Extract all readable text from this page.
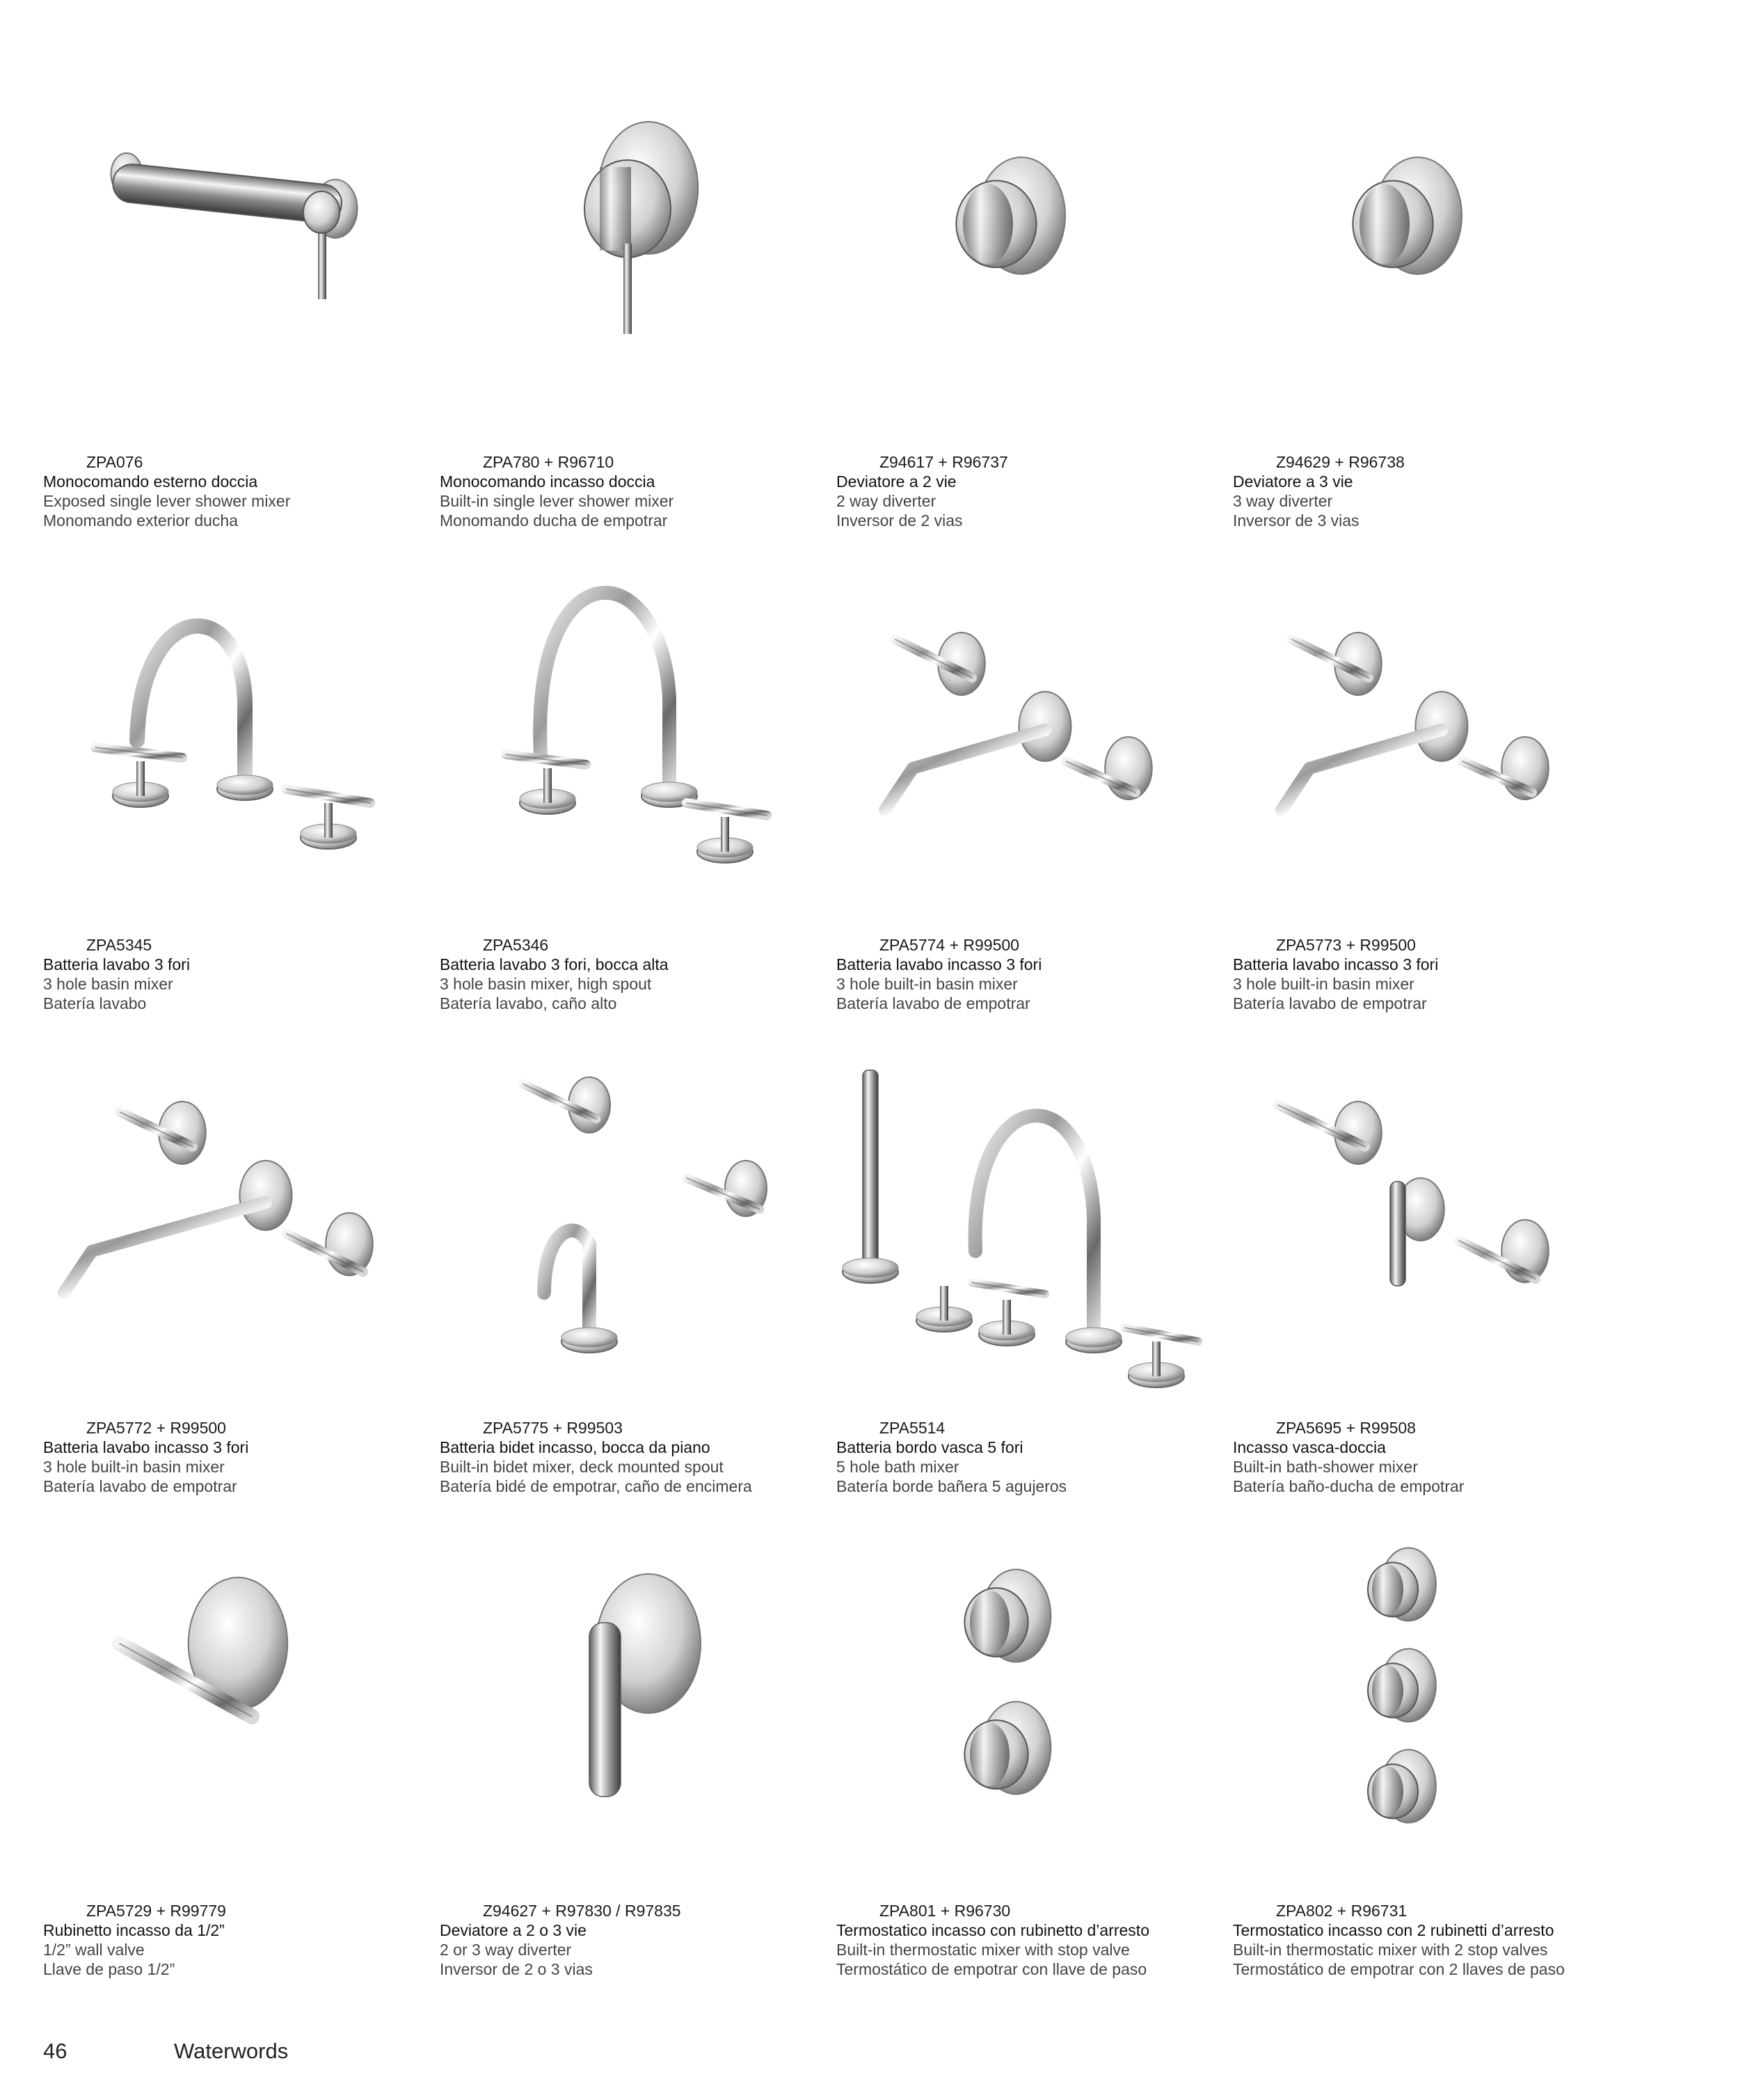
ZPA076
Monocomando esterno doccia
Exposed single lever shower mixer
Monomando exterior ducha
ZPA780 + R96710
Monocomando incasso doccia
Built-in single lever shower mixer
Monomando ducha de empotrar
Z94617 + R96737
Deviatore a 2 vie
2 way diverter
Inversor de 2 vias
Z94629 + R96738
Deviatore a 3 vie
3 way diverter
Inversor de 3 vias
ZPA5345
Batteria lavabo 3 fori
3 hole basin mixer
Batería lavabo
ZPA5346
Batteria lavabo 3 fori, bocca alta
3 hole basin mixer, high spout
Batería lavabo, caño alto
ZPA5774 + R99500
Batteria lavabo incasso 3 fori
3 hole built-in basin mixer
Batería lavabo de empotrar
ZPA5773 + R99500
Batteria lavabo incasso 3 fori
3 hole built-in basin mixer
Batería lavabo de empotrar
ZPA5772 + R99500
Batteria lavabo incasso 3 fori
3 hole built-in basin mixer
Batería lavabo de empotrar
ZPA5775 + R99503
Batteria bidet incasso, bocca da piano
Built-in bidet mixer, deck mounted spout
Batería bidé de empotrar, caño de encimera
ZPA5514
Batteria bordo vasca 5 fori
5 hole bath mixer
Batería borde bañera 5 agujeros
ZPA5695 + R99508
Incasso vasca-doccia
Built-in bath-shower mixer
Batería baño-ducha de empotrar
ZPA5729 + R99779
Rubinetto incasso da 1/2”
1/2” wall valve
Llave de paso 1/2”
Z94627 + R97830 / R97835
Deviatore a 2 o 3 vie
2 or 3 way diverter
Inversor de 2 o 3 vias
ZPA801 + R96730
Termostatico incasso con rubinetto d’arresto
Built-in thermostatic mixer with stop valve
Termostático de empotrar con llave de paso
ZPA802 + R96731
Termostatico incasso con 2 rubinetti d’arresto
Built-in thermostatic mixer with 2 stop valves
Termostático de empotrar con 2 llaves de paso
46	Waterwords
